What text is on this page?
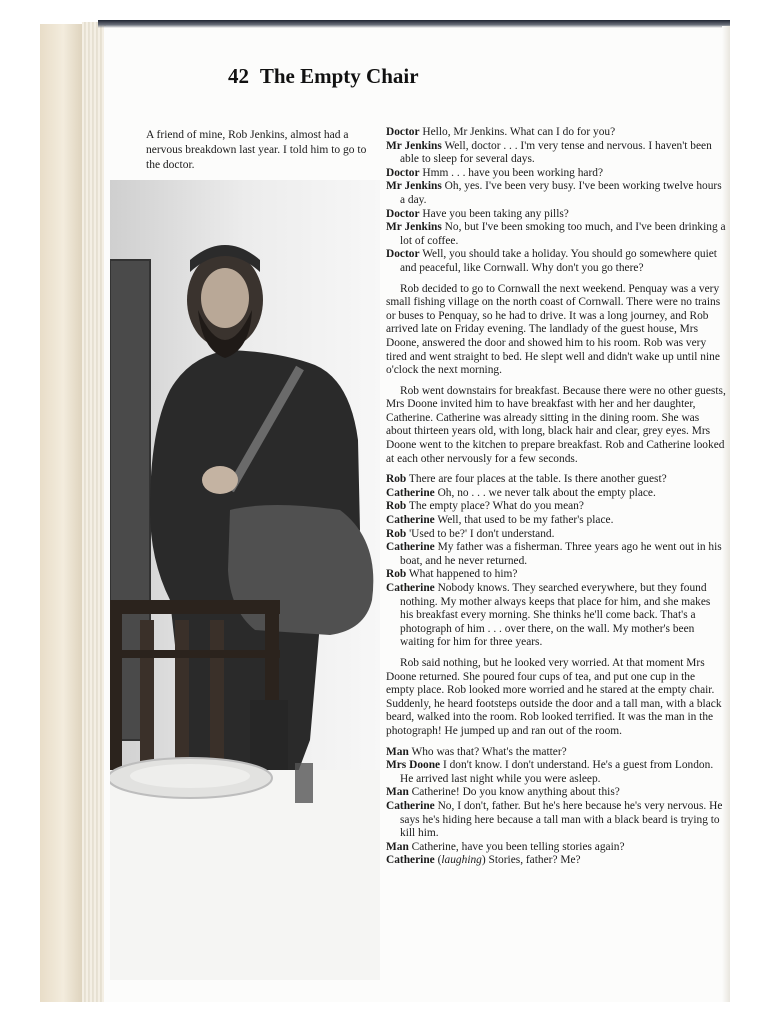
42 The Empty Chair
A friend of mine, Rob Jenkins, almost had a nervous breakdown last year. I told him to go to the doctor.
Doctor Hello, Mr Jenkins. What can I do for you?
Mr Jenkins Well, doctor . . . I'm very tense and nervous. I haven't been able to sleep for several days.
Doctor Hmm . . . have you been working hard?
Mr Jenkins Oh, yes. I've been very busy. I've been working twelve hours a day.
Doctor Have you been taking any pills?
Mr Jenkins No, but I've been smoking too much, and I've been drinking a lot of coffee.
Doctor Well, you should take a holiday. You should go somewhere quiet and peaceful, like Cornwall. Why don't you go there?

Rob decided to go to Cornwall the next weekend. Penquay was a very small fishing village on the north coast of Cornwall. There were no trains or buses to Penquay, so he had to drive. It was a long journey, and Rob arrived late on Friday evening. The landlady of the guest house, Mrs Doone, answered the door and showed him to his room. Rob was very tired and went straight to bed. He slept well and didn't wake up until nine o'clock the next morning.

Rob went downstairs for breakfast. Because there were no other guests, Mrs Doone invited him to have breakfast with her and her daughter, Catherine. Catherine was already sitting in the dining room. She was about thirteen years old, with long, black hair and clear, grey eyes. Mrs Doone went to the kitchen to prepare breakfast. Rob and Catherine looked at each other nervously for a few seconds.

Rob There are four places at the table. Is there another guest?
Catherine Oh, no . . . we never talk about the empty place.
Rob The empty place? What do you mean?
Catherine Well, that used to be my father's place.
Rob 'Used to be?' I don't understand.
Catherine My father was a fisherman. Three years ago he went out in his boat, and he never returned.
Rob What happened to him?
Catherine Nobody knows. They searched everywhere, but they found nothing. My mother always keeps that place for him, and she makes his breakfast every morning. She thinks he'll come back. That's a photograph of him . . . over there, on the wall. My mother's been waiting for him for three years.

Rob said nothing, but he looked very worried. At that moment Mrs Doone returned. She poured four cups of tea, and put one cup in the empty place. Rob looked more worried and he stared at the empty chair. Suddenly, he heard footsteps outside the door and a tall man, with a black beard, walked into the room. Rob looked terrified. It was the man in the photograph! He jumped up and ran out of the room.

Man Who was that? What's the matter?
Mrs Doone I don't know. I don't understand. He's a guest from London. He arrived last night while you were asleep.
Man Catherine! Do you know anything about this?
Catherine No, I don't, father. But he's here because he's very nervous. He says he's hiding here because a tall man with a black beard is trying to kill him.
Man Catherine, have you been telling stories again?
Catherine (laughing) Stories, father? Me?
